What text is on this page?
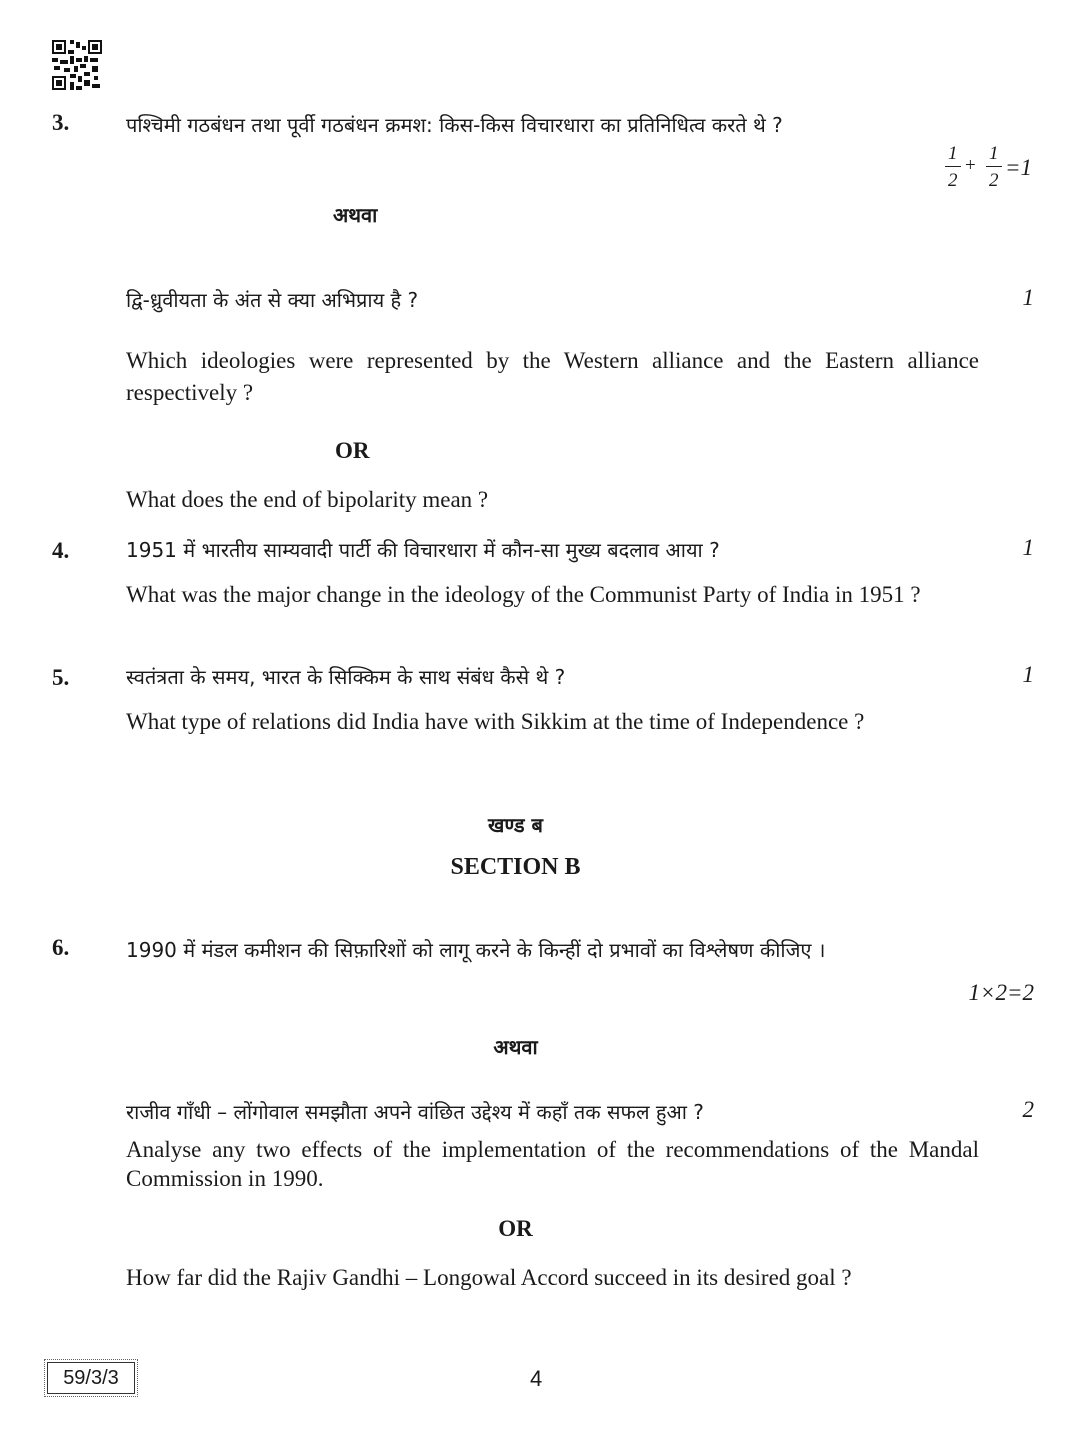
3.	पश्चिमी गठबंधन तथा पूर्वी गठबंधन क्रमश: किस-किस विचारधारा का प्रतिनिधित्व करते थे ?
1
2
+
1
2
=1
अथवा
द्वि-ध्रुवीयता के अंत से क्या अभिप्राय है ?	1
Which ideologies were represented by the Western alliance and the Eastern alliance respectively ?
OR
What does the end of bipolarity mean ?
4.	1951 में भारतीय साम्यवादी पार्टी की विचारधारा में कौन-सा मुख्य बदलाव आया ?	1
What was the major change in the ideology of the Communist Party of India in 1951 ?
5.	स्वतंत्रता के समय, भारत के सिक्किम के साथ संबंध कैसे थे ?	1
What type of relations did India have with Sikkim at the time of Independence ?
खण्ड ब
SECTION B
6.	1990 में मंडल कमीशन की सिफ़ारिशों को लागू करने के किन्हीं दो प्रभावों का विश्लेषण कीजिए ।
1×2=2
अथवा
राजीव गाँधी – लोंगोवाल समझौता अपने वांछित उद्देश्य में कहाँ तक सफल हुआ ?	2
Analyse any two effects of the implementation of the recommendations of the Mandal Commission in 1990.
OR
How far did the Rajiv Gandhi – Longowal Accord succeed in its desired goal ?
59/3/3	4
